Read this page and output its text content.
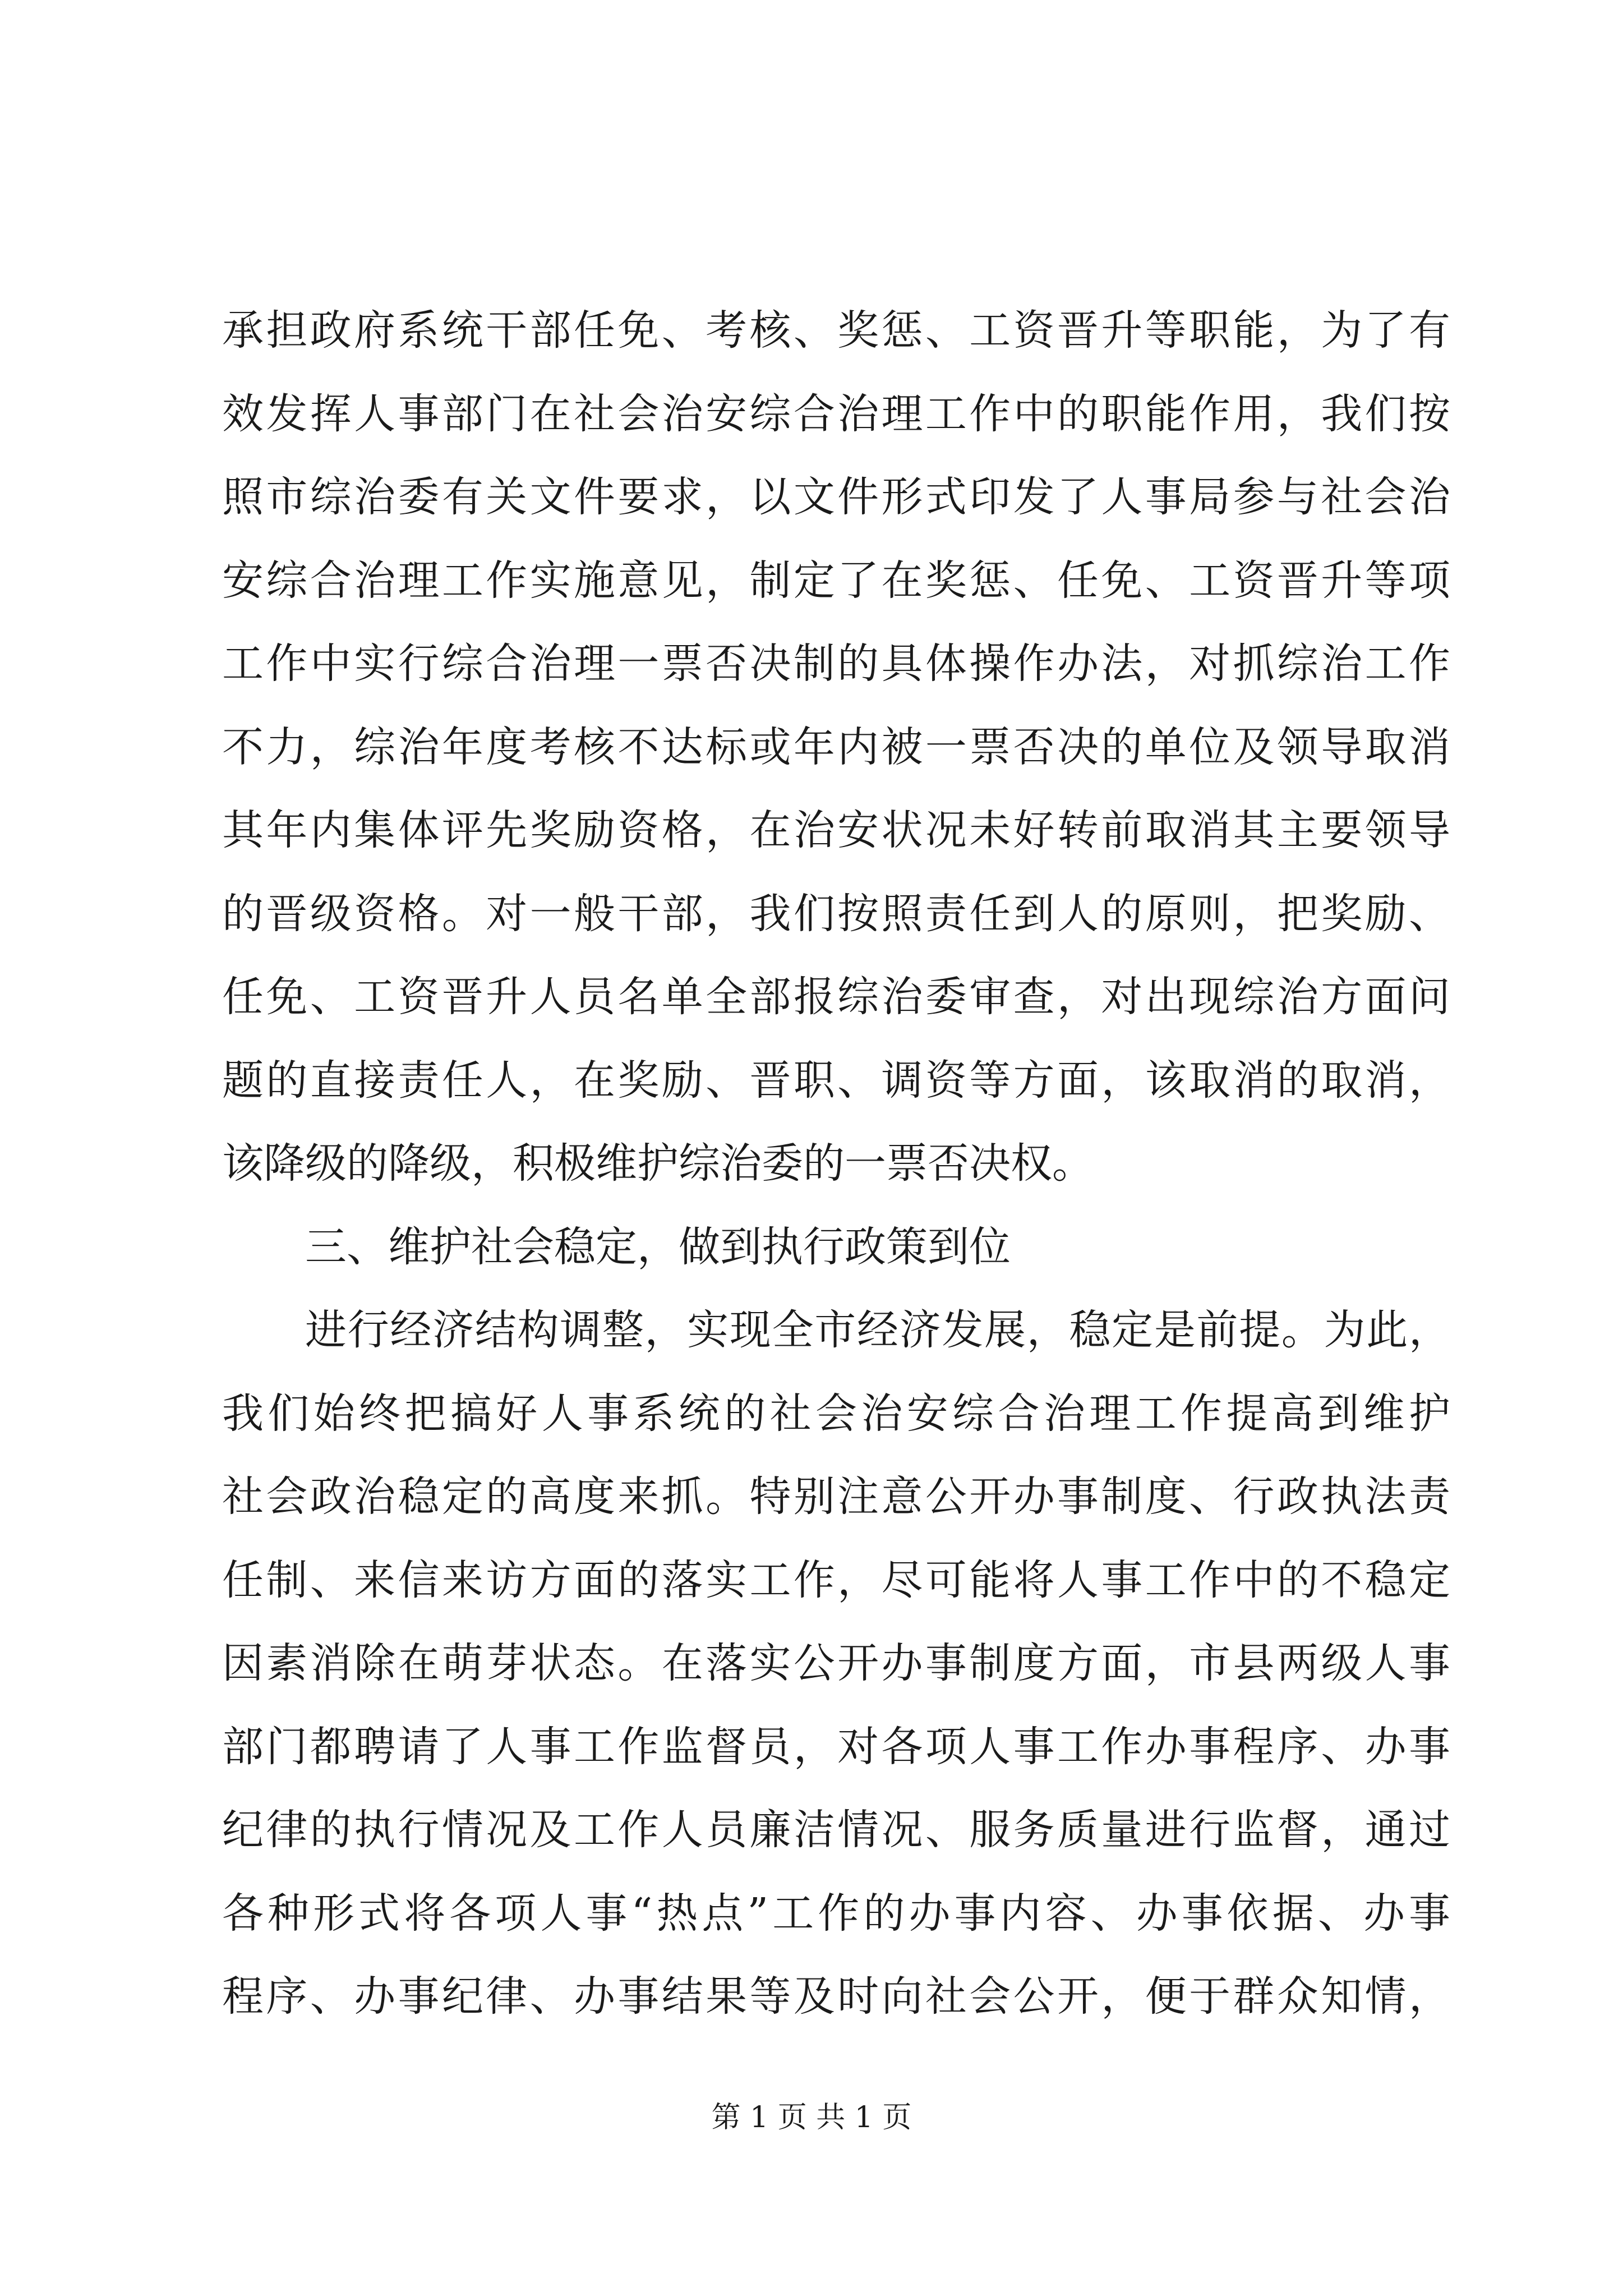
承担政府系统干部任免、考核、奖惩、工资晋升等职能，为了有
效发挥人事部门在社会治安综合治理工作中的职能作用，我们按
照市综治委有关文件要求，以文件形式印发了人事局参与社会治
安综合治理工作实施意见，制定了在奖惩、任免、工资晋升等项
工作中实行综合治理一票否决制的具体操作办法，对抓综治工作
不力，综治年度考核不达标或年内被一票否决的单位及领导取消
其年内集体评先奖励资格，在治安状况未好转前取消其主要领导
的晋级资格。对一般干部，我们按照责任到人的原则，把奖励、
任免、工资晋升人员名单全部报综治委审查，对出现综治方面问
题的直接责任人，在奖励、晋职、调资等方面，该取消的取消，
该降级的降级，积极维护综治委的一票否决权。
三、维护社会稳定，做到执行政策到位
进行经济结构调整，实现全市经济发展，稳定是前提。为此，
我们始终把搞好人事系统的社会治安综合治理工作提高到维护
社会政治稳定的高度来抓。特别注意公开办事制度、行政执法责
任制、来信来访方面的落实工作，尽可能将人事工作中的不稳定
因素消除在萌芽状态。在落实公开办事制度方面，市县两级人事
部门都聘请了人事工作监督员，对各项人事工作办事程序、办事
纪律的执行情况及工作人员廉洁情况、服务质量进行监督，通过
各种形式将各项人事“热点”工作的办事内容、办事依据、办事
程序、办事纪律、办事结果等及时向社会公开，便于群众知情，
第 1 页 共 1 页
